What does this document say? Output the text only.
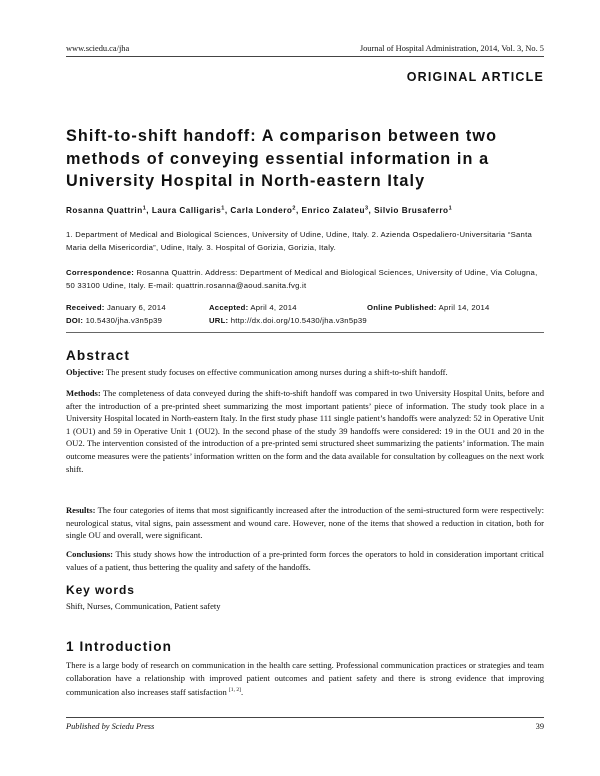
www.sciedu.ca/jha	Journal of Hospital Administration, 2014, Vol. 3, No. 5
ORIGINAL ARTICLE
Shift-to-shift handoff: A comparison between two methods of conveying essential information in a University Hospital in North-eastern Italy
Rosanna Quattrin$^1$, Laura Calligaris$^1$, Carla Londero$^2$, Enrico Zalateu$^3$, Silvio Brusaferro$^1$
1. Department of Medical and Biological Sciences, University of Udine, Udine, Italy. 2. Azienda Ospedaliero-Universitaria “Santa Maria della Misericordia”, Udine, Italy. 3. Hospital of Gorizia, Gorizia, Italy.
Correspondence: Rosanna Quattrin. Address: Department of Medical and Biological Sciences, University of Udine, Via Colugna, 50 33100 Udine, Italy. E-mail: quattrin.rosanna@aoud.sanita.fvg.it
Received: January 6, 2014	Accepted: April 4, 2014	Online Published: April 14, 2014
DOI: 10.5430/jha.v3n5p39	URL: http://dx.doi.org/10.5430/jha.v3n5p39
Abstract
Objective: The present study focuses on effective communication among nurses during a shift-to-shift handoff.
Methods: The completeness of data conveyed during the shift-to-shift handoff was compared in two University Hospital Units, before and after the introduction of a pre-printed sheet summarizing the most important patients’ piece of information. The study took place in a University Hospital located in North-eastern Italy. In the first study phase 111 single patient’s handoffs were analyzed: 52 in Operative Unit 1 (OU1) and 59 in Operative Unit 1 (OU2). In the second phase of the study 39 handoffs were considered: 19 in the OU1 and 20 in the OU2. The intervention consisted of the introduction of a pre-printed semi structured sheet summarizing the patients’ information. The main outcome measures were the patients’ information written on the form and the data available for consultation by colleagues on the next work shift.
Results: The four categories of items that most significantly increased after the introduction of the semi-structured form were respectively: neurological status, vital signs, pain assessment and wound care. However, none of the items that showed a reduction in citation, both for single OU and overall, were significant.
Conclusions: This study shows how the introduction of a pre-printed form forces the operators to hold in consideration important critical values of a patient, thus bettering the quality and safety of the handoffs.
Key words
Shift, Nurses, Communication, Patient safety
1 Introduction
There is a large body of research on communication in the health care setting. Professional communication practices or strategies and team collaboration have a relationship with improved patient outcomes and patient safety and there is strong evidence that improving communication also increases staff satisfaction [1, 2].
Published by Sciedu Press	39
